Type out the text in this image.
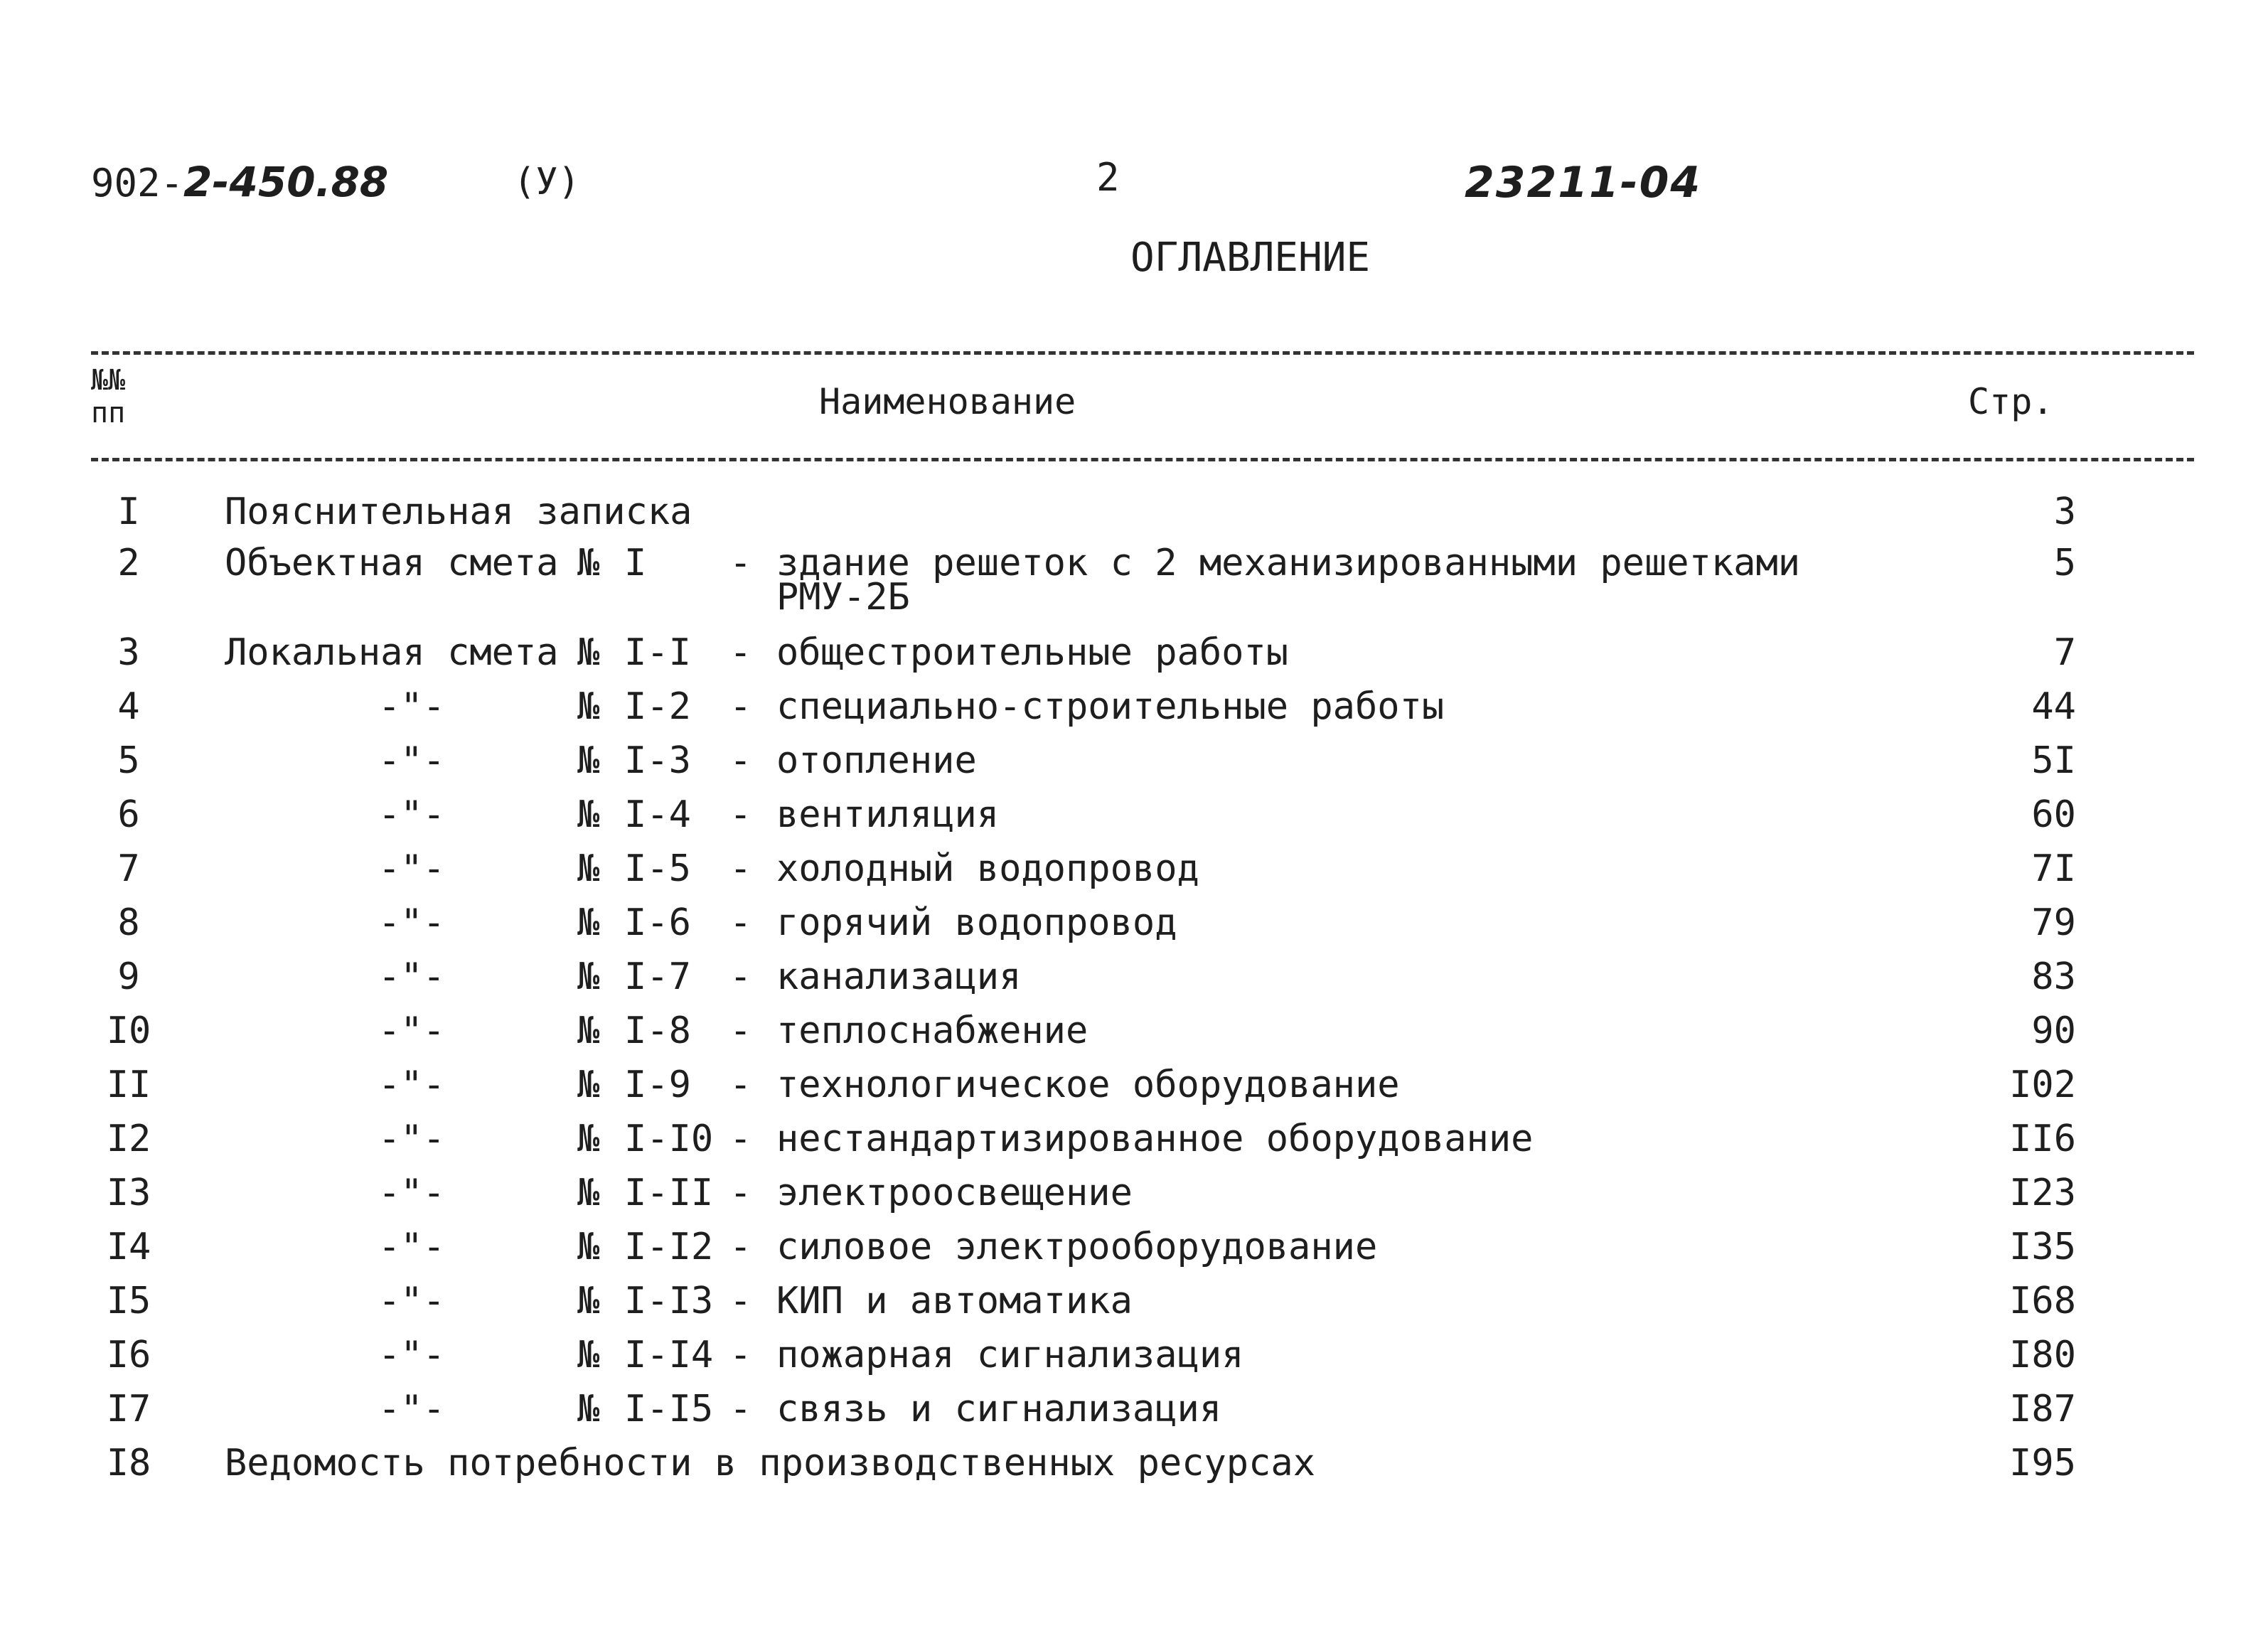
902-2-450.88	(У)	2	23211-04
ОГЛАВЛЕНИЕ
№№
пп	Наименование	Стр.
I	Пояснительная записка	3
2	Объектная смета № I - здание решеток с 2 механизированными решетками	5
РМУ-2Б
3	Локальная смета № I-I - общестроительные работы	7
4	-"-	№ I-2 - специально-строительные работы	44
5	-"-	№ I-3 - отопление	5I
6	-"-	№ I-4 - вентиляция	60
7	-"-	№ I-5 - холодный водопровод	7I
8	-"-	№ I-6 - горячий водопровод	79
9	-"-	№ I-7 - канализация	83
I0	-"-	№ I-8 - теплоснабжение	90
II	-"-	№ I-9 - технологическое оборудование	I02
I2	-"-	№ I-I0 - нестандартизированное оборудование	II6
I3	-"-	№ I-II - электроосвещение	I23
I4	-"-	№ I-I2 - силовое электрооборудование	I35
I5	-"-	№ I-I3 - КИП и автоматика	I68
I6	-"-	№ I-I4 - пожарная сигнализация	I80
I7	-"-	№ I-I5 - связь и сигнализация	I87
I8	Ведомость потребности в производственных ресурсах	I95
